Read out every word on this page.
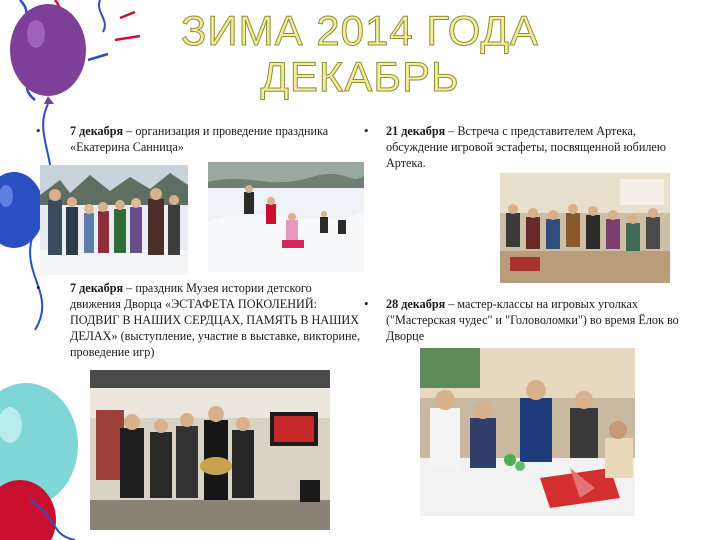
ЗИМА 2014 ГОДА
ДЕКАБРЬ
• 7 декабря – организация и проведение праздника «Екатерина Санница»
• 21 декабря – Встреча с представителем Артека, обсуждение игровой эстафеты, посвященной юбилею Артека.
• 7 декабря – праздник Музея истории детского движения Дворца «ЭСТАФЕТА ПОКОЛЕНИЙ: ПОДВИГ В НАШИХ СЕРДЦАХ, ПАМЯТЬ В НАШИХ ДЕЛАХ» (выступление, участие в выставке, викторине, проведение игр)
• 28 декабря – мастер-классы на игровых уголках ("Мастерская чудес" и "Головоломки") во время Ёлок во Дворце
